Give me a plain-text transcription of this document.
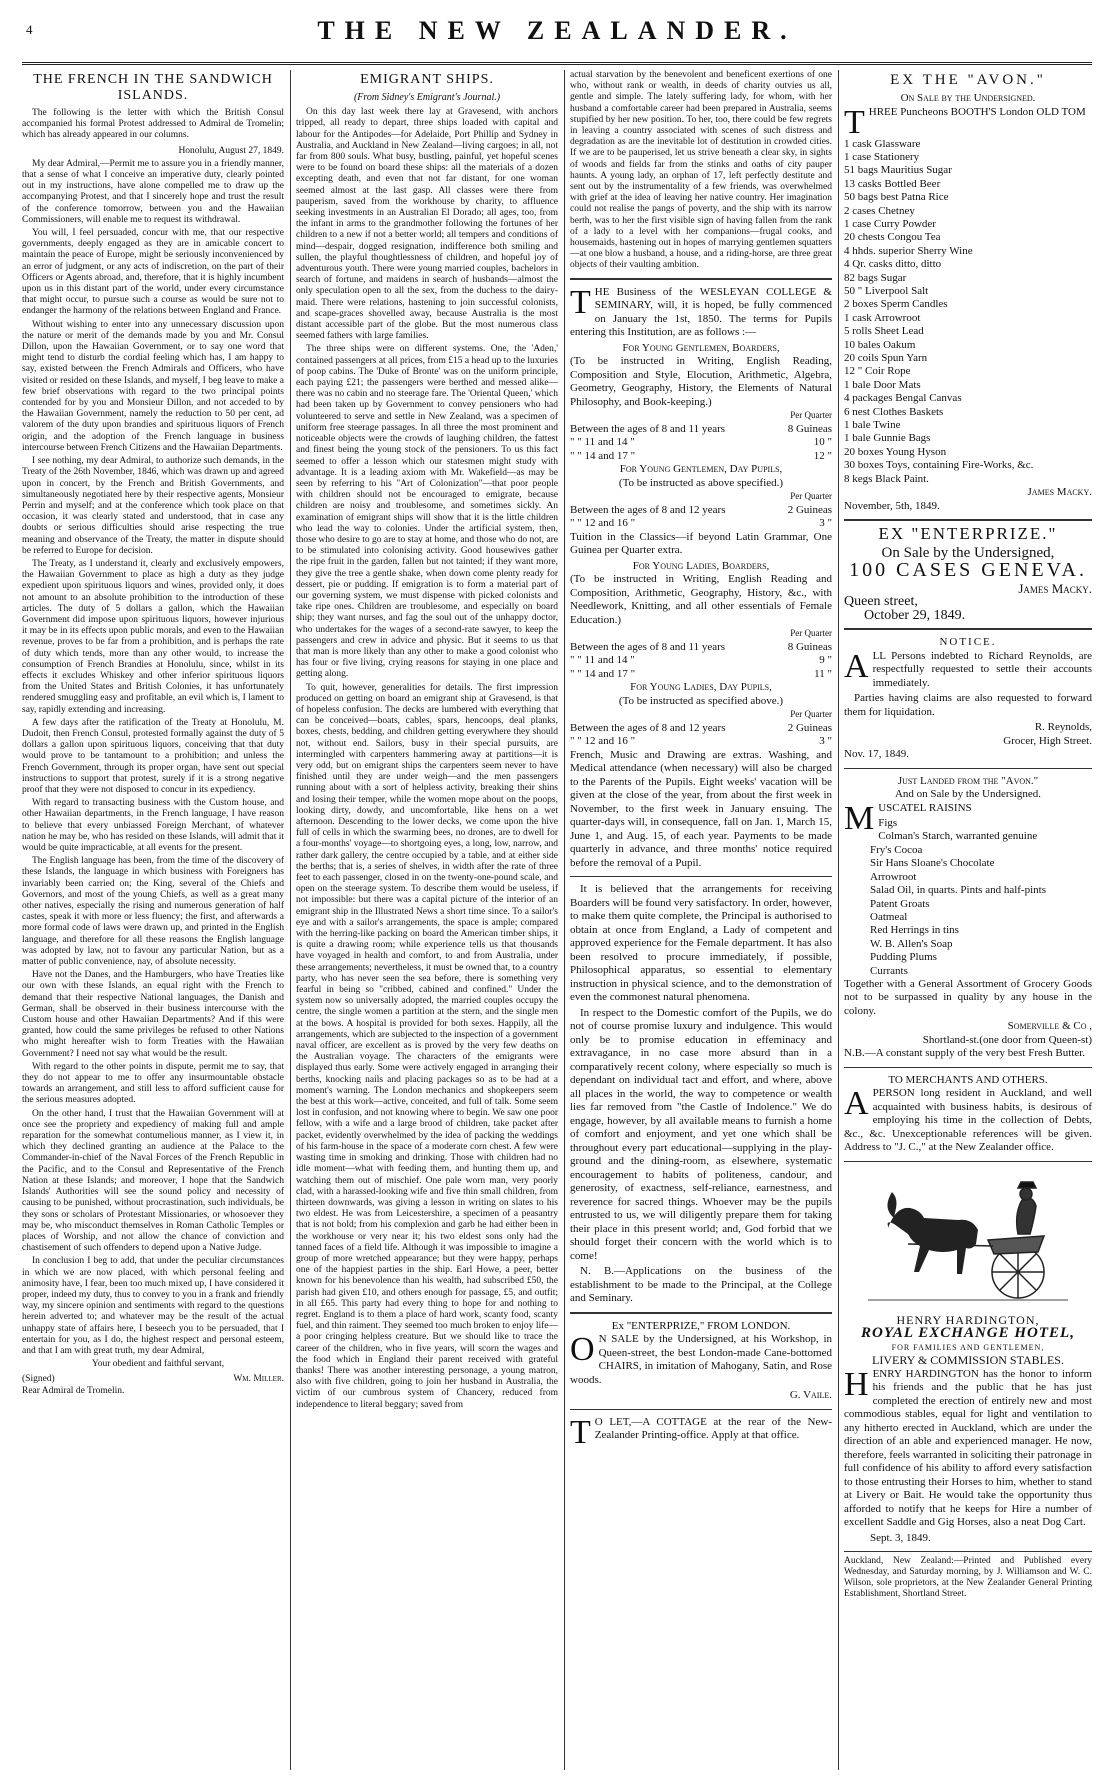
4	THE NEW ZEALANDER.
THE FRENCH IN THE SANDWICH ISLANDS.

The following is the letter with which the British Consul accompanied his formal Protest addressed to Admiral de Tromelin; which has already appeared in our columns.

Honolulu, August 27, 1849.

My dear Admiral,—Permit me to assure you in a friendly manner, that a sense of what I conceive an imperative duty, clearly pointed out in my instructions, have alone compelled me to draw up the accompanying Protest, and that I sincerely hope and trust the result of the conference tomorrow, between you and the Hawaiian Commissioners, will enable me to request its withdrawal.

You will, I feel persuaded, concur with me, that our respective governments, deeply engaged as they are in amicable concert to maintain the peace of Europe, might be seriously inconvenienced by an error of judgment, or any acts of indiscretion, on the part of their Officers or Agents abroad, and, therefore, that it is highly incumbent upon us in this distant part of the world, under every circumstance that might occur, to pursue such a course as would be sure not to endanger the harmony of the relations between England and France.

Without wishing to enter into any unnecessary discussion upon the nature or merit of the demands made by you and Mr. Consul Dillon, upon the Hawaiian Government, or to say one word that might tend to disturb the cordial feeling which has, I am happy to say, existed between the French Admirals and Officers, who have visited or resided on these Islands, and myself, I beg leave to make a few brief observations with regard to the two principal points contended for by you and Monsieur Dillon, and not acceded to by the Hawaiian Government, namely the reduction to 50 per cent, ad valorem of the duty upon brandies and spirituous liquors of French origin, and the adoption of the French language in business intercourse between French Citizens and the Hawaiian Departments.

I see nothing, my dear Admiral, to authorize such demands, in the Treaty of the 26th November, 1846, which was drawn up and agreed upon in concert, by the French and British Governments, and simultaneously negotiated here by their respective agents, Monsieur Perrin and myself; and at the conference which took place on that occasion, it was clearly stated and understood, that in case any doubts or serious difficulties should arise respecting the true meaning and observance of the Treaty, the matter in dispute should be referred to Europe for decision.

The Treaty, as I understand it, clearly and exclusively empowers, the Hawaiian Government to place as high a duty as they judge expedient upon spirituous liquors and wines, provided only, it does not amount to an absolute prohibition to the introduction of these articles. The duty of 5 dollars a gallon, which the Hawaiian Government did impose upon spirituous liquors, however injurious it may be in its effects upon public morals, and even to the Hawaiian revenue, proves to be far from a prohibition, and is perhaps the rate of duty which tends, more than any other would, to increase the consumption of French Brandies at Honolulu, since, whilst in its effects it excludes Whiskey and other inferior spirituous liquors from the United States and British Colonies, it has unfortunately rendered smuggling easy and profitable, an evil which is, I lament to say, rapidly extending and increasing.

A few days after the ratification of the Treaty at Honolulu, M. Dudoit, then French Consul, protested formally against the duty of 5 dollars a gallon upon spirituous liquors, conceiving that that duty would prove to be tantamount to a prohibition; and unless the French Government, through its proper organ, have sent out special instructions to support that protest, surely if it is a strong negative proof that they were not disposed to concur in its expediency.

With regard to transacting business with the Custom house, and other Hawaiian departments, in the French language, I have reason to believe that every unbiassed Foreign Merchant, of whatever nation he may be, who has resided on these Islands, will admit that it would be quite impracticable, at all events for the present.

The English language has been, from the time of the discovery of these Islands, the language in which business with Foreigners has invariably been carried on; the King, several of the Chiefs and Governors, and most of the young Chiefs, as well as a great many other natives, especially the rising and numerous generation of half castes, speak it with more or less fluency; the first, and afterwards a more formal code of laws were drawn up, and printed in the English language, and therefore for all these reasons the English language was adopted by law, not to favour any particular Nation, but as a matter of public convenience, nay, of absolute necessity.

Have not the Danes, and the Hamburgers, who have Treaties like our own with these Islands, an equal right with the French to demand that their respective National languages, the Danish and German, shall be observed in their business intercourse with the Custom house and other Hawaiian Departments? And if this were granted, how could the same privileges be refused to other Nations who might hereafter wish to form Treaties with the Hawaiian Government? I need not say what would be the result.

With regard to the other points in dispute, permit me to say, that they do not appear to me to offer any insurmountable obstacle towards an arrangement, and still less to afford sufficient cause for the serious measures adopted.

On the other hand, I trust that the Hawaiian Government will at once see the propriety and expediency of making full and ample reparation for the somewhat contumelious manner, as I view it, in which they declined granting an audience at the Palace to the Commander-in-chief of the Naval Forces of the French Republic in the Pacific, and to the Consul and Representative of the French Nation at these Islands; and moreover, I hope that the Sandwich Islands' Authorities will see the sound policy and necessity of causing to be punished, without procrastination, such individuals, be they sons or scholars of Protestant Missionaries, or whosoever they may be, who misconduct themselves in Roman Catholic Temples or places of Worship, and not allow the chance of conviction and chastisement of such offenders to depend upon a Native Judge.

In conclusion I beg to add, that under the peculiar circumstances in which we are now placed, with which personal feeling and animosity have, I fear, been too much mixed up, I have considered it proper, indeed my duty, thus to convey to you in a frank and friendly way, my sincere opinion and sentiments with regard to the questions herein adverted to; and whatever may be the result of the actual unhappy state of affairs here, I beseech you to be persuaded, that I entertain for you, as I do, the highest respect and personal esteem, and that I am with great truth, my dear Admiral,

Your obedient and faithful servant,

(Signed)	Wm. Miller.
Rear Admiral de Tromelin.
EMIGRANT SHIPS.
(From Sidney's Emigrant's Journal.)

On this day last week there lay at Gravesend, with anchors tripped, all ready to depart, three ships loaded with capital and labour for the Antipodes—for Adelaide, Port Phillip and Sydney in Australia, and Auckland in New Zealand—living cargoes; in all, not far from 800 souls. What busy, bustling, painful, yet hopeful scenes were to be found on board these ships: all the materials of a dozen excepting death, and even that not far distant, for one woman seemed almost at the last gasp. All classes were there from pauperism, saved from the workhouse by charity, to affluence seeking investments in an Australian El Dorado; all ages, too, from the infant in arms to the grandmother following the fortunes of her children to a new if not a better world; all tempers and conditions of mind—despair, dogged resignation, indifference both smiling and sullen, the playful thoughtlessness of children, and hopeful joy of adventurous youth. There were young married couples, bachelors in search of fortune, and maidens in search of husbands—almost the only speculation open to all the sex, from the duchess to the dairy-maid. There were relations, hastening to join successful colonists, and scape-graces shovelled away, because Australia is the most distant accessible part of the globe. But the most numerous class seemed fathers with large families.

The three ships were on different systems. One, the 'Aden,' contained passengers at all prices, from £15 a head up to the luxuries of poop cabins. The 'Duke of Bronte' was on the uniform principle, each paying £21; the passengers were berthed and messed alike—there was no cabin and no steerage fare. The 'Oriental Queen,' which had been taken up by Government to convey pensioners who had volunteered to serve and settle in New Zealand, was a specimen of uniform free steerage passages. In all three the most prominent and noticeable objects were the crowds of laughing children, the fattest and finest being the young stock of the pensioners. To us this fact seemed to offer a lesson which our statesmen might study with advantage. It is a leading axiom with Mr. Wakefield—as may be seen by referring to his "Art of Colonization"—that poor people with children should not be encouraged to emigrate, because children are noisy and troublesome, and sometimes sickly. An examination of emigrant ships will show that it is the little children who lead the way to colonies. Under the artificial system, then, those who desire to go are to stay at home, and those who do not, are to be stimulated into colonising activity. Good housewives gather the ripe fruit in the garden, fallen but not tainted; if they want more, they give the tree a gentle shake, when down come plenty ready for dessert, pie or pudding. If emigration is to form a material part of our governing system, we must dispense with picked colonists and take ripe ones. Children are troublesome, and especially on board ship; they want nurses, and fag the soul out of the unhappy doctor, who undertakes for the wages of a second-rate sawyer, to keep the passengers and crew in advice and physic. But it seems to us that that man is more likely than any other to make a good colonist who has four or five living, crying reasons for staying in one place and getting along.

To quit, however, generalities for details. The first impression produced on getting on board an emigrant ship at Gravesend, is that of hopeless confusion. The decks are lumbered with everything that can be conceived—boats, cables, spars, hencoops, deal planks, boxes, chests, bedding, and children getting everywhere they should not, without end. Sailors, busy in their special pursuits, are intermingled with carpenters hammering away at partitions—it is very odd, but on emigrant ships the carpenters seem never to have finished until they are under weigh—and the men passengers running about with a sort of helpless activity, breaking their shins and losing their temper, while the women mope about on the poops, looking dirty, dowdy, and uncomfortable, like hens on a wet afternoon. Descending to the lower decks, we come upon the hive full of cells in which the swarming bees, no drones, are to dwell for a four-months' voyage—to shortgoing eyes, a long, low, narrow, and rather dark gallery, the centre occupied by a table, and at either side the berths; that is, a series of shelves, in width after the rate of three feet to each passenger, closed in on the twenty-one-pound scale, and open on the steerage system. To describe them would be useless, if not impossible: but there was a capital picture of the interior of an emigrant ship in the Illustrated News a short time since. To a sailor's eye and with a sailor's arrangements, the space is ample; compared with the herring-like packing on board the American timber ships, it is quite a drawing room; while experience tells us that thousands have voyaged in health and comfort, to and from Australia, under these arrangements; nevertheless, it must be owned that, to a country party, who has never seen the sea before, there is something very fearful in being so "cribbed, cabined and confined." Under the system now so universally adopted, the married couples occupy the centre, the single women a partition at the stern, and the single men at the bows. A hospital is provided for both sexes. Happily, all the arrangements, which are subjected to the inspection of a government naval officer, are excellent as is proved by the very few deaths on the Australian voyage. The characters of the emigrants were displayed thus early. Some were actively engaged in arranging their berths, knocking nails and placing packages so as to be had at a moment's warning. The London mechanics and shopkeepers seem the best at this work—active, conceited, and full of talk. Some seem lost in confusion, and not knowing where to begin. We saw one poor fellow, with a wife and a large brood of children, take packet after packet, evidently overwhelmed by the idea of packing the weddings of his farm-house in the space of a moderate corn chest. A few were wasting time in smoking and drinking. Those with children had no idle moment—what with feeding them, and hunting them up, and watching them out of mischief. One pale worn man, very poorly clad, with a harassed-looking wife and five thin small children, from thirteen downwards, was giving a lesson in writing on slates to his two eldest. He was from Leicestershire, a specimen of a peasantry that is not bold; from his complexion and garb he had either been in the workhouse or very near it; his two eldest sons only had the tanned faces of a field life. Although it was impossible to imagine a group of more wretched appearance; but they were happy, perhaps one of the happiest parties in the ship. Earl Howe, a peer, better known for his benevolence than his wealth, had subscribed £50, the parish had given £10, and others enough for passage, £5, and outfit; in all £65. This party had every thing to hope for and nothing to regret. England is to them a place of hard work, scanty food, scanty fuel, and thin raiment. They seemed too much broken to enjoy life—a poor cringing helpless creature. But we should like to trace the career of the children, who in five years, will scorn the wages and the food which in England their parent received with grateful thanks! There was another interesting personage, a young matron, also with five children, going to join her husband in Australia, the victim of our cumbrous system of Chancery, reduced from independence to literal beggary; saved from

actual starvation by the benevolent and beneficent exertions of one who, without rank or wealth, in deeds of charity outvies us all, gentle and simple. The lately suffering lady, for whom, with her husband a comfortable career had been prepared in Australia, seems stupified by her new position. To her, too, there could be few regrets in leaving a country associated with scenes of such distress and degradation as are the inevitable lot of destitution in crowded cities. If we are to be pauperised, let us strive beneath a clear sky, in sights of woods and fields far from the stinks and oaths of city pauper haunts. A young lady, an orphan of 17, left perfectly destitute and sent out by the instrumentality of a few friends, was overwhelmed with grief at the idea of leaving her native country. Her imagination could not realise the pangs of poverty, and the ship with its narrow berth, was to her the first visible sign of having fallen from the rank of a lady to a level with her companions—frugal cooks, and housemaids, hastening out in hopes of marrying gentlemen squatters—at one blow a husband, a house, and a riding-horse, are three great objects of their vaulting ambition.

THE Business of the WESLEYAN COLLEGE & SEMINARY, will, it is hoped, be fully commenced on January the 1st, 1850. The terms for Pupils entering this Institution, are as follows :—

For Young Gentlemen, Boarders,
(To be instructed in Writing, English Reading, Composition and Style, Elocution, Arithmetic, Algebra, Geometry, Geography, History, the Elements of Natural Philosophy, and Book-keeping.)
Per Quarter
Between the ages of 8 and 11 years	8 Guineas
" " 11 and 14 "	10 "
" " 14 and 17 "	12 "
For Young Gentlemen, Day Pupils,
(To be instructed as above specified.)
Per Quarter
Between the ages of 8 and 12 years	2 Guineas
" " 12 and 16 "	3 "

Tuition in the Classics—if beyond Latin Grammar, One Guinea per Quarter extra.

For Young Ladies, Boarders,
(To be instructed in Writing, English Reading and Composition, Arithmetic, Geography, History, &c., with Needlework, Knitting, and all other essentials of Female Education.)
Per Quarter
Between the ages of 8 and 11 years	8 Guineas
" " 11 and 14 "	9 "
" " 14 and 17 "	11 "
For Young Ladies, Day Pupils,
(To be instructed as specified above.)
Per Quarter
Between the ages of 8 and 12 years	2 Guineas
" " 12 and 16 "	3 "

French, Music and Drawing are extras. Washing, and Medical attendance (when necessary) will also be charged to the Parents of the Pupils. Eight weeks' vacation will be given at the close of the year, from about the first week in November, to the first week in January ensuing. The quarter-days will, in consequence, fall on Jan. 1, March 15, June 1, and Aug. 15, of each year. Payments to be made quarterly in advance, and three months' notice required before the removal of a Pupil.

It is believed that the arrangements for receiving Boarders will be found very satisfactory. In order, however, to make them quite complete, the Principal is authorised to obtain at once from England, a Lady of competent and approved experience for the Female department. It has also been resolved to procure immediately, if possible, Philosophical apparatus, so essential to elementary instruction in physical science, and to the demonstration of even the commonest natural phenomena.

In respect to the Domestic comfort of the Pupils, we do not of course promise luxury and indulgence. This would only be to promise education in effeminacy and extravagance, in no case more absurd than in a comparatively recent colony, where especially so much is dependant on individual tact and effort, and where, above all places in the world, the way to competence or wealth lies far removed from "the Castle of Indolence." We do engage, however, by all available means to furnish a home of comfort and enjoyment, and yet one which shall be throughout every part educational—supplying in the play-ground and the dining-room, as elsewhere, systematic encouragement to habits of politeness, candour, and generosity, of exactness, self-reliance, earnestness, and reverence for sacred things. Whoever may be the pupils entrusted to us, we will diligently prepare them for taking their place in this present world; and, God forbid that we should forget their concern with the world which is to come!

N. B.—Applications on the business of the establishment to be made to the Principal, at the College and Seminary.

Ex "ENTERPRIZE," FROM LONDON.

O N SALE by the Undersigned, at his Workshop, in Queen-street, the best London-made Cane-bottomed CHAIRS, in imitation of Mahogany, Satin, and Rose woods.

G. Vaile.

T O LET,—A COTTAGE at the rear of the New-Zealander Printing-office. Apply at that office.

EX THE "AVON."
On Sale by the Undersigned.

THREE Puncheons BOOTH'S London OLD TOM

1 cask Glassware
1 case Stationery
51 bags Mauritius Sugar
13 casks Bottled Beer
50 bags best Patna Rice
2 cases Chetney
1 case Curry Powder
20 chests Congou Tea
4 hhds. superior Sherry Wine
4 Qr. casks ditto, ditto
82 bags Sugar
50 " Liverpool Salt
2 boxes Sperm Candles
1 cask Arrowroot
5 rolls Sheet Lead
10 bales Oakum
20 coils Spun Yarn
12 " Coir Rope
1 bale Door Mats
4 packages Bengal Canvas
6 nest Clothes Baskets
1 bale Twine
1 bale Gunnie Bags
20 boxes Young Hyson
30 boxes Toys, containing Fire-Works, &c.
8 kegs Black Paint.
James Macky.
November, 5th, 1849.
EX "ENTERPRIZE."
On Sale by the Undersigned,
100 CASES GENEVA.
James Macky.
Queen street,
October 29, 1849.
NOTICE.

ALL Persons indebted to Richard Reynolds, are respectfully requested to settle their accounts immediately.

Parties having claims are also requested to forward them for liquidation.

R. Reynolds,
Grocer, High Street.
Nov. 17, 1849.
Just Landed from the "Avon."
And on Sale by the Undersigned.

MUSCATEL RAISINS

Figs
Colman's Starch, warranted genuine
Fry's Cocoa
Sir Hans Sloane's Chocolate
Arrowroot
Salad Oil, in quarts. Pints and half-pints
Patent Groats
Oatmeal
Red Herrings in tins
W. B. Allen's Soap
Pudding Plums
Currants

Together with a General Assortment of Grocery Goods not to be surpassed in quality by any house in the colony.

Somerville & Co ,
Shortland-st.(one door from Queen-st)
N.B.—A constant supply of the very best Fresh Butter.
TO MERCHANTS AND OTHERS.

APERSON long resident in Auckland, and well acquainted with business habits, is desirous of employing his time in the collection of Debts, &c., &c. Unexceptionable references will be given. Address to "J. C.," at the New Zealander office.

HENRY HARDINGTON,
ROYAL EXCHANGE HOTEL,
FOR FAMILIES AND GENTLEMEN,
LIVERY & COMMISSION STABLES.

HENRY HARDINGTON has the honor to inform his friends and the public that he has just completed the erection of entirely new and most commodious stables, equal for light and ventilation to any hitherto erected in Auckland, which are under the direction of an able and experienced manager. He now, therefore, feels warranted in soliciting their patronage in full confidence of his ability to afford every satisfaction to those entrusting their Horses to him, whether to stand at Livery or Bait. He would take the opportunity thus afforded to notify that he keeps for Hire a number of excellent Saddle and Gig Horses, also a neat Dog Cart.

Sept. 3, 1849.
Auckland, New Zealand:—Printed and Published every Wednesday, and Saturday morning, by J. Williamson and W. C. Wilson, sole proprietors, at the New Zealander General Printing Establishment, Shortland Street.
